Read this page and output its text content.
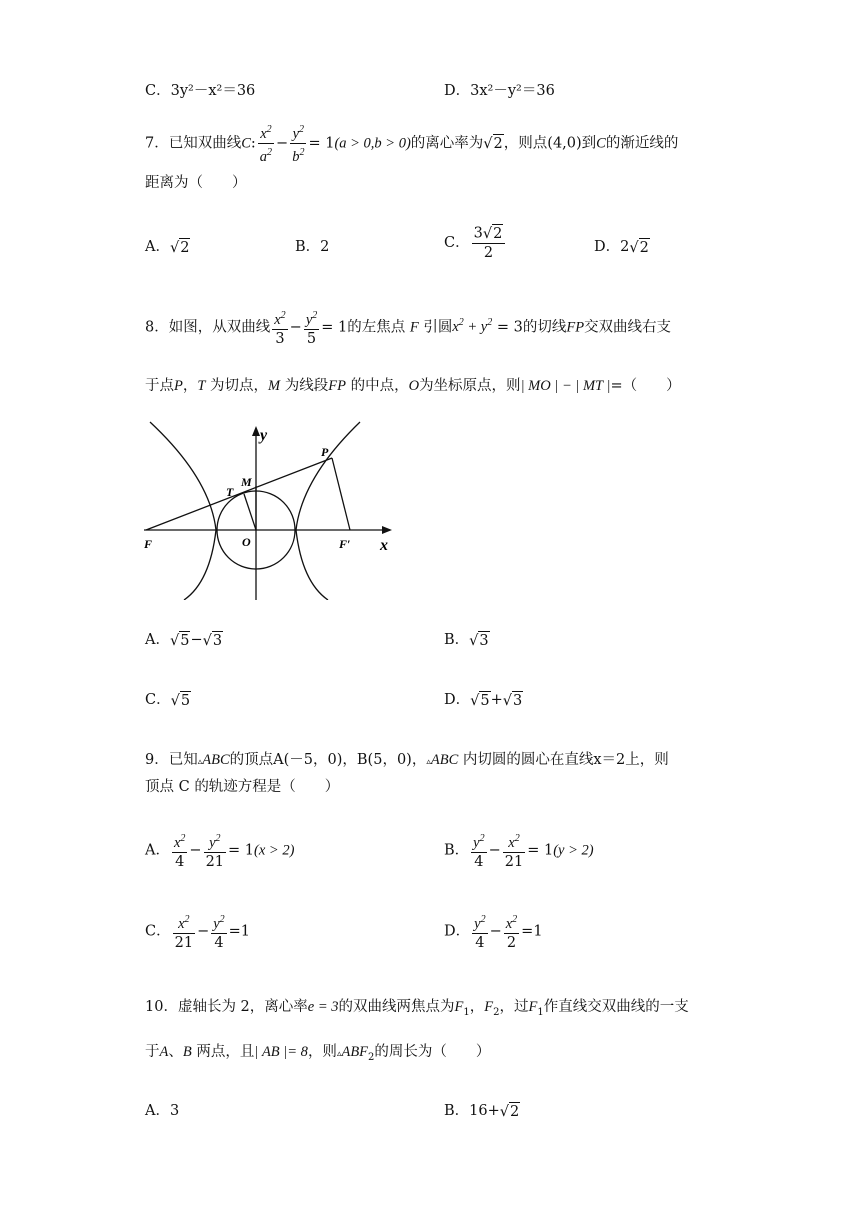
C．3y²－x²＝36	D．3x²－y²＝36
7．已知双曲线C: $\frac{x^2}{a^2} - \frac{y^2}{b^2} = 1(a > 0,b > 0)$的离心率为√2，则点(4,0)到C的渐近线的
距离为（　　）
A．√2	B．2	C． $\frac{3√2}{2}$	D．2√2
8．如图，从双曲线 $\frac{x^2}{3} - \frac{y^2}{5} = 1$的左焦点 F 引圆$x^2 + y^2 = 3$的切线FP交双曲线右支
于点P，T 为切点，M 为线段FP 的中点，O为坐标原点，则| MO | − | MT |=（　　）
y
x
P
M
T
F	O	F′
A．√5−√3	B．√3
C．√5	D．√5+√3
9．已知▵ABC的顶点A(－5，0)，B(5，0)，▵ABC 内切圆的圆心在直线x＝2上，则
顶点 C 的轨迹方程是（　　）
A． $\frac{x^2}{4} - \frac{y^2}{21} = 1(x > 2)$	B． $\frac{y^2}{4} - \frac{x^2}{21} = 1(y > 2)$
C． $\frac{x^2}{21} - \frac{y^2}{4} =1$	D． $\frac{y^2}{4} - \frac{x^2}{2} =1$
10．虚轴长为 2，离心率e = 3的双曲线两焦点为$F_1$，$F_2$，过$F_1$作直线交双曲线的一支
于A、B 两点，且| AB |= 8，则$▵ABF_2$的周长为（　　）
A．3	B．16+√2
